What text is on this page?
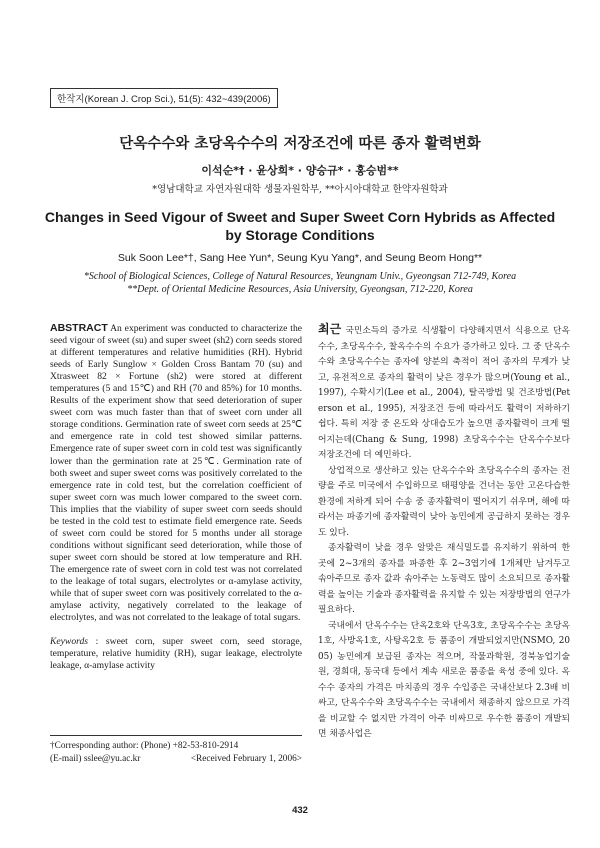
한작지(Korean J. Crop Sci.), 51(5): 432~439(2006)
단옥수수와 초당옥수수의 저장조건에 따른 종자 활력변화
이석순*† · 윤상희* · 양승규* · 홍승범**
*영남대학교 자연자원대학 생물자원학부, **아시아대학교 한약자원학과
Changes in Seed Vigour of Sweet and Super Sweet Corn Hybrids as Affected by Storage Conditions
Suk Soon Lee*†, Sang Hee Yun*, Seung Kyu Yang*, and Seung Beom Hong**
*School of Biological Sciences, College of Natural Resources, Yeungnam Univ., Gyeongsan 712-749, Korea
**Dept. of Oriental Medicine Resources, Asia University, Gyeongsan, 712-220, Korea
ABSTRACT An experiment was conducted to characterize the seed vigour of sweet (su) and super sweet (sh2) corn seeds stored at different temperatures and relative humidities (RH). Hybrid seeds of Early Sunglow × Golden Cross Bantam 70 (su) and Xtrasweet 82 × Fortune (sh2) were stored at different temperatures (5 and 15℃) and RH (70 and 85%) for 10 months. Results of the experiment show that seed deterioration of super sweet corn was much faster than that of sweet corn under all storage conditions. Germination rate of sweet corn seeds at 25℃ and emergence rate in cold test showed similar patterns. Emergence rate of super sweet corn in cold test was significantly lower than the germination rate at 25℃. Germination rate of both sweet and super sweet corns was positively correlated to the emergence rate in cold test, but the correlation coefficient of super sweet corn was much lower compared to the sweet corn. This implies that the viability of super sweet corn seeds should be tested in the cold test to estimate field emergence rate. Seeds of sweet corn could be stored for 5 months under all storage conditions without significant seed deterioration, while those of super sweet corn should be stored at low temperature and RH. The emergence rate of sweet corn in cold test was not correlated to the leakage of total sugars, electrolytes or α-amylase activity, while that of super sweet corn was positively correlated to the α-amylase activity, negatively correlated to the leakage of electrolytes, and was not correlated to the leakage of total sugars.
Keywords : sweet corn, super sweet corn, seed storage, temperature, relative humidity (RH), sugar leakage, electrolyte leakage, α-amylase activity
†Corresponding author: (Phone) +82-53-810-2914
(E-mail) sslee@yu.ac.kr	<Received February 1, 2006>

최근 국민소득의 증가로 식생활이 다양해지면서 식용으로 단옥수수, 초당옥수수, 찰옥수수의 수요가 증가하고 있다. 그 중 단옥수수와 초당옥수수는 종자에 양분의 축적이 적어 종자의 무게가 낮고, 유전적으로 종자의 활력이 낮은 경우가 많으며(Young et al., 1997), 수확시기(Lee et al., 2004), 탈곡방법 및 건조방법(Peterson et al., 1995), 저장조건 등에 따라서도 활력이 저하하기 쉽다. 특히 저장 중 온도와 상대습도가 높으면 종자활력이 크게 떨어지는데(Chang & Sung, 1998) 초당옥수수는 단옥수수보다 저장조건에 더 예민하다.

상업적으로 생산하고 있는 단옥수수와 초당옥수수의 종자는 전량을 주로 미국에서 수입하므로 태평양을 건너는 동안 고온다습한 환경에 저하게 되어 수송 중 종자활력이 떨어지기 쉬우며, 해에 따라서는 파종기에 종자활력이 낮아 농민에게 공급하지 못하는 경우도 있다.

종자활력이 낮을 경우 알맞은 재식밀도를 유지하기 위하여 한 곳에 2~3개의 종자를 파종한 후 2~3엽기에 1개체만 남겨두고 솎아주므로 종자 값과 솎아주는 노동력도 많이 소요되므로 종자활력을 높이는 기술과 종자활력을 유지할 수 있는 저장방법의 연구가 필요하다.

국내에서 단옥수수는 단옥2호와 단옥3호, 초당옥수수는 초당옥1호, 사방옥1호, 사탕옥2호 등 품종이 개발되었지만(NSMO, 2005) 농민에게 보급된 종자는 적으며, 작물과학원, 경북농업기술원, 경희대, 동국대 등에서 계속 새로운 품종을 육성 중에 있다. 옥수수 종자의 가격은 마치종의 경우 수입종은 국내산보다 2.3배 비싸고, 단옥수수와 초당옥수수는 국내에서 채종하지 않으므로 가격을 비교할 수 없지만 가격이 아주 비싸므로 우수한 품종이 개발되면 채종사업은

432
